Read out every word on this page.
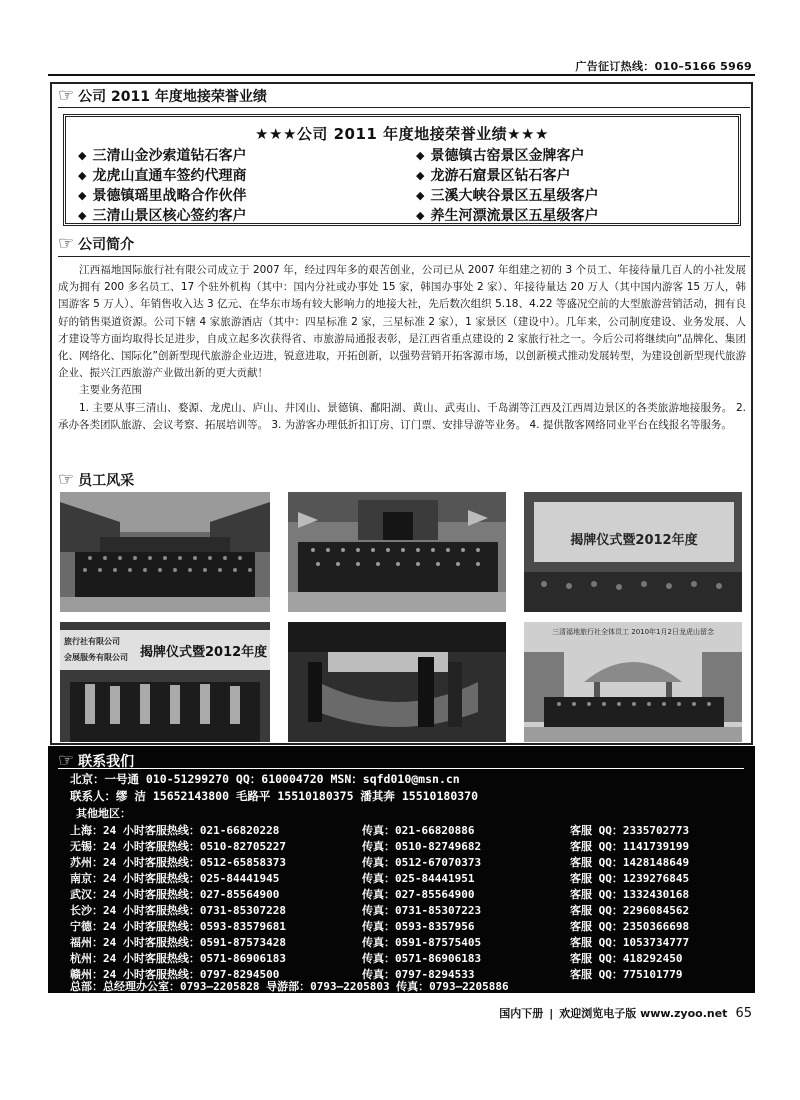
广告征订热线：010–5166 5969
☞ 公司 2011 年度地接荣誉业绩
★★★公司 2011 年度地接荣誉业绩★★★
◆ 三清山金沙索道钻石客户	◆ 景德镇古窑景区金牌客户
◆ 龙虎山直通车签约代理商	◆ 龙游石窟景区钻石客户
◆ 景德镇瑶里战略合作伙伴	◆ 三溪大峡谷景区五星级客户
◆ 三清山景区核心签约客户	◆ 养生河漂流景区五星级客户
☞ 公司简介

江西福地国际旅行社有限公司成立于 2007 年，经过四年多的艰苦创业，公司已从 2007 年组建之初的 3 个员工、年接待量几百人的小社发展成为拥有 200 多名员工、17 个驻外机构（其中：国内分社或办事处 15 家，韩国办事处 2 家）、年接待量达 20 万人（其中国内游客 15 万人，韩国游客 5 万人）、年销售收入达 3 亿元、在华东市场有较大影响力的地接大社，先后数次组织 5.18、4.22 等盛况空前的大型旅游营销活动，拥有良好的销售渠道资源。公司下辖 4 家旅游酒店（其中：四星标准 2 家，三星标准 2 家），1 家景区（建设中）。几年来，公司制度建设、业务发展、人才建设等方面均取得长足进步，自成立起多次获得省、市旅游局通报表彰，是江西省重点建设的 2 家旅行社之一。今后公司将继续向“品牌化、集团化、网络化、国际化”创新型现代旅游企业迈进，锐意进取，开拓创新，以强势营销开拓客源市场，以创新模式推动发展转型，为建设创新型现代旅游企业、振兴江西旅游产业做出新的更大贡献！

主要业务范围

1. 主要从事三清山、婺源、龙虎山、庐山、井冈山、景德镇、鄱阳湖、黄山、武夷山、千岛湖等江西及江西周边景区的各类旅游地接服务。 2. 承办各类团队旅游、会议考察、拓展培训等。 3. 为游客办理低折扣订房、订门票、安排导游等业务。 4. 提供散客网络同业平台在线报名等服务。

☞ 员工风采
揭牌仪式暨2012年度
旅行社有限公司
会展服务有限公司 揭牌仪式暨2012年度
三清福地旅行社全体员工 2010年1月2日龙虎山留念
☞ 联系我们
北京：一号通 010-51299270 QQ：610004720 MSN：sqfd010@msn.cn
联系人：缪 洁 15652143800 毛路平 15510180375 潘其奔 15510180370
其他地区：
上海：24 小时客服热线：021-66820228	传真：021-66820886	客服 QQ：2335702773
无锡：24 小时客服热线：0510-82705227	传真：0510-82749682	客服 QQ：1141739199
苏州：24 小时客服热线：0512-65858373	传真：0512-67070373	客服 QQ：1428148649
南京：24 小时客服热线：025-84441945	传真：025-84441951	客服 QQ：1239276845
武汉：24 小时客服热线：027-85564900	传真：027-85564900	客服 QQ：1332430168
长沙：24 小时客服热线：0731-85307228	传真：0731-85307223	客服 QQ：2296084562
宁德：24 小时客服热线：0593-83579681	传真：0593-8357956	客服 QQ：2350366698
福州：24 小时客服热线：0591-87573428	传真：0591-87575405	客服 QQ：1053734777
杭州：24 小时客服热线：0571-86906183	传真：0571-86906183	客服 QQ：418292450
赣州：24 小时客服热线：0797-8294500	传真：0797-8294533	客服 QQ：775101779
总部：总经理办公室：0793—2205828 导游部：0793—2205803 传真：0793—2205886
国内下册 | 欢迎浏览电子版 www.zyoo.net 65
